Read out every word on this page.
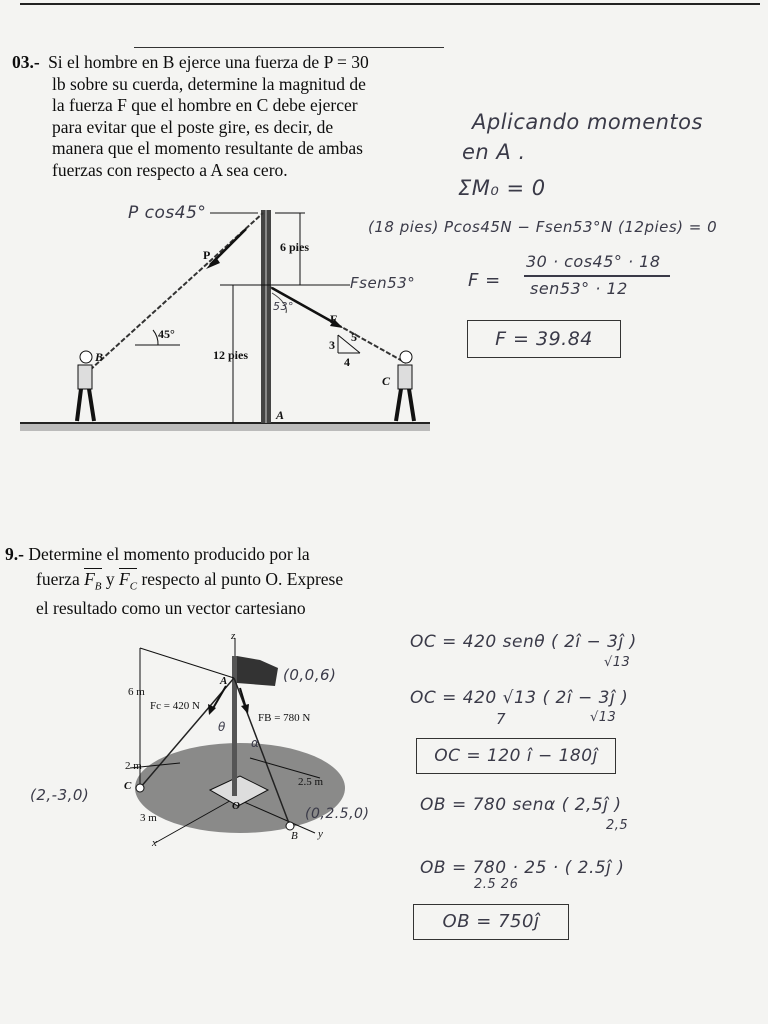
03.- Si el hombre en B ejerce una fuerza de P = 30
lb sobre su cuerda, determine la magnitud de
la fuerza F que el hombre en C debe ejercer
para evitar que el poste gire, es decir, de
manera que el momento resultante de ambas
fuerzas con respecto a A sea cero.
P
F
B
C
A
45°
6 pies
12 pies
3
4
5
P cos45°
Fsen53°
53°
Aplicando momentos
en A .
ΣM₀ = 0
(18 pies) Pcos45N − Fsen53°N (12pies) = 0
F =
30 · cos45° · 18
sen53° · 12
F = 39.84
9.- Determine el momento producido por la
fuerza $F_B$ y $F_C$ respecto al punto O. Exprese
el resultado como un vector cartesiano
z
x
y
A
C
O
6 m
Fc = 420 N
FB = 780 N
2 m
3 m
2.5 m
B
(0,0,6)
(2,-3,0)
(0,2.5,0)
θ
α
OC = 420 senθ ( 2î − 3ĵ )
√13
OC = 420 √13 ( 2î − 3ĵ )
7	√13
OC = 120 î − 180ĵ
OB = 780 senα ( 2,5ĵ )
2,5
OB = 780 · 25 · ( 2.5ĵ )
2.5 26
OB = 750ĵ
